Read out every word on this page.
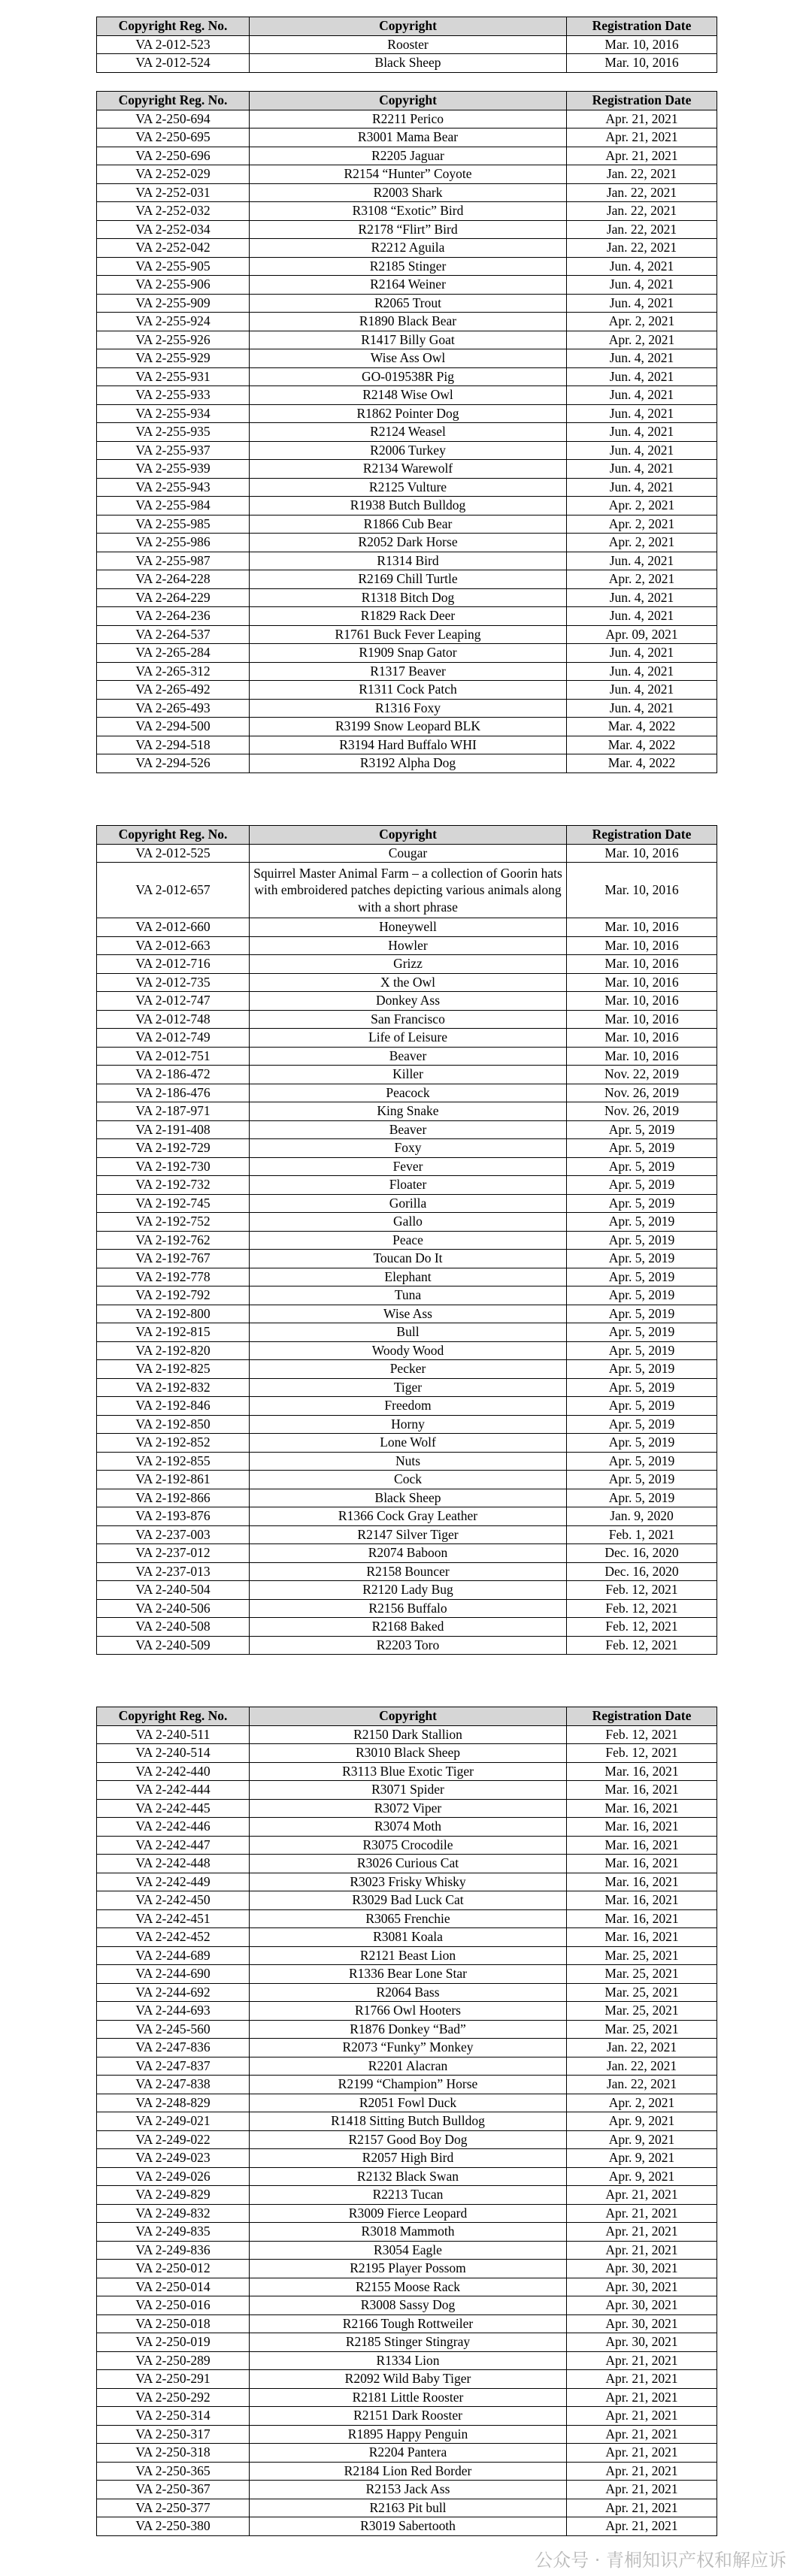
Copyright Reg. No.	Copyright	Registration Date
VA 2-012-523	Rooster	Mar. 10, 2016
VA 2-012-524	Black Sheep	Mar. 10, 2016
Copyright Reg. No.	Copyright	Registration Date
VA 2-250-694	R2211 Perico	Apr. 21, 2021
VA 2-250-695	R3001 Mama Bear	Apr. 21, 2021
VA 2-250-696	R2205 Jaguar	Apr. 21, 2021
VA 2-252-029	R2154 “Hunter” Coyote	Jan. 22, 2021
VA 2-252-031	R2003 Shark	Jan. 22, 2021
VA 2-252-032	R3108 “Exotic” Bird	Jan. 22, 2021
VA 2-252-034	R2178 “Flirt” Bird	Jan. 22, 2021
VA 2-252-042	R2212 Aguila	Jan. 22, 2021
VA 2-255-905	R2185 Stinger	Jun. 4, 2021
VA 2-255-906	R2164 Weiner	Jun. 4, 2021
VA 2-255-909	R2065 Trout	Jun. 4, 2021
VA 2-255-924	R1890 Black Bear	Apr. 2, 2021
VA 2-255-926	R1417 Billy Goat	Apr. 2, 2021
VA 2-255-929	Wise Ass Owl	Jun. 4, 2021
VA 2-255-931	GO-019538R Pig	Jun. 4, 2021
VA 2-255-933	R2148 Wise Owl	Jun. 4, 2021
VA 2-255-934	R1862 Pointer Dog	Jun. 4, 2021
VA 2-255-935	R2124 Weasel	Jun. 4, 2021
VA 2-255-937	R2006 Turkey	Jun. 4, 2021
VA 2-255-939	R2134 Warewolf	Jun. 4, 2021
VA 2-255-943	R2125 Vulture	Jun. 4, 2021
VA 2-255-984	R1938 Butch Bulldog	Apr. 2, 2021
VA 2-255-985	R1866 Cub Bear	Apr. 2, 2021
VA 2-255-986	R2052 Dark Horse	Apr. 2, 2021
VA 2-255-987	R1314 Bird	Jun. 4, 2021
VA 2-264-228	R2169 Chill Turtle	Apr. 2, 2021
VA 2-264-229	R1318 Bitch Dog	Jun. 4, 2021
VA 2-264-236	R1829 Rack Deer	Jun. 4, 2021
VA 2-264-537	R1761 Buck Fever Leaping	Apr. 09, 2021
VA 2-265-284	R1909 Snap Gator	Jun. 4, 2021
VA 2-265-312	R1317 Beaver	Jun. 4, 2021
VA 2-265-492	R1311 Cock Patch	Jun. 4, 2021
VA 2-265-493	R1316 Foxy	Jun. 4, 2021
VA 2-294-500	R3199 Snow Leopard BLK	Mar. 4, 2022
VA 2-294-518	R3194 Hard Buffalo WHI	Mar. 4, 2022
VA 2-294-526	R3192 Alpha Dog	Mar. 4, 2022
Copyright Reg. No.	Copyright	Registration Date
VA 2-012-525	Cougar	Mar. 10, 2016
VA 2-012-657	Squirrel Master Animal Farm – a collection of Goorin hats with embroidered patches depicting various animals along with a short phrase	Mar. 10, 2016
VA 2-012-660	Honeywell	Mar. 10, 2016
VA 2-012-663	Howler	Mar. 10, 2016
VA 2-012-716	Grizz	Mar. 10, 2016
VA 2-012-735	X the Owl	Mar. 10, 2016
VA 2-012-747	Donkey Ass	Mar. 10, 2016
VA 2-012-748	San Francisco	Mar. 10, 2016
VA 2-012-749	Life of Leisure	Mar. 10, 2016
VA 2-012-751	Beaver	Mar. 10, 2016
VA 2-186-472	Killer	Nov. 22, 2019
VA 2-186-476	Peacock	Nov. 26, 2019
VA 2-187-971	King Snake	Nov. 26, 2019
VA 2-191-408	Beaver	Apr. 5, 2019
VA 2-192-729	Foxy	Apr. 5, 2019
VA 2-192-730	Fever	Apr. 5, 2019
VA 2-192-732	Floater	Apr. 5, 2019
VA 2-192-745	Gorilla	Apr. 5, 2019
VA 2-192-752	Gallo	Apr. 5, 2019
VA 2-192-762	Peace	Apr. 5, 2019
VA 2-192-767	Toucan Do It	Apr. 5, 2019
VA 2-192-778	Elephant	Apr. 5, 2019
VA 2-192-792	Tuna	Apr. 5, 2019
VA 2-192-800	Wise Ass	Apr. 5, 2019
VA 2-192-815	Bull	Apr. 5, 2019
VA 2-192-820	Woody Wood	Apr. 5, 2019
VA 2-192-825	Pecker	Apr. 5, 2019
VA 2-192-832	Tiger	Apr. 5, 2019
VA 2-192-846	Freedom	Apr. 5, 2019
VA 2-192-850	Horny	Apr. 5, 2019
VA 2-192-852	Lone Wolf	Apr. 5, 2019
VA 2-192-855	Nuts	Apr. 5, 2019
VA 2-192-861	Cock	Apr. 5, 2019
VA 2-192-866	Black Sheep	Apr. 5, 2019
VA 2-193-876	R1366 Cock Gray Leather	Jan. 9, 2020
VA 2-237-003	R2147 Silver Tiger	Feb. 1, 2021
VA 2-237-012	R2074 Baboon	Dec. 16, 2020
VA 2-237-013	R2158 Bouncer	Dec. 16, 2020
VA 2-240-504	R2120 Lady Bug	Feb. 12, 2021
VA 2-240-506	R2156 Buffalo	Feb. 12, 2021
VA 2-240-508	R2168 Baked	Feb. 12, 2021
VA 2-240-509	R2203 Toro	Feb. 12, 2021
Copyright Reg. No.	Copyright	Registration Date
VA 2-240-511	R2150 Dark Stallion	Feb. 12, 2021
VA 2-240-514	R3010 Black Sheep	Feb. 12, 2021
VA 2-242-440	R3113 Blue Exotic Tiger	Mar. 16, 2021
VA 2-242-444	R3071 Spider	Mar. 16, 2021
VA 2-242-445	R3072 Viper	Mar. 16, 2021
VA 2-242-446	R3074 Moth	Mar. 16, 2021
VA 2-242-447	R3075 Crocodile	Mar. 16, 2021
VA 2-242-448	R3026 Curious Cat	Mar. 16, 2021
VA 2-242-449	R3023 Frisky Whisky	Mar. 16, 2021
VA 2-242-450	R3029 Bad Luck Cat	Mar. 16, 2021
VA 2-242-451	R3065 Frenchie	Mar. 16, 2021
VA 2-242-452	R3081 Koala	Mar. 16, 2021
VA 2-244-689	R2121 Beast Lion	Mar. 25, 2021
VA 2-244-690	R1336 Bear Lone Star	Mar. 25, 2021
VA 2-244-692	R2064 Bass	Mar. 25, 2021
VA 2-244-693	R1766 Owl Hooters	Mar. 25, 2021
VA 2-245-560	R1876 Donkey “Bad”	Mar. 25, 2021
VA 2-247-836	R2073 “Funky” Monkey	Jan. 22, 2021
VA 2-247-837	R2201 Alacran	Jan. 22, 2021
VA 2-247-838	R2199 “Champion” Horse	Jan. 22, 2021
VA 2-248-829	R2051 Fowl Duck	Apr. 2, 2021
VA 2-249-021	R1418 Sitting Butch Bulldog	Apr. 9, 2021
VA 2-249-022	R2157 Good Boy Dog	Apr. 9, 2021
VA 2-249-023	R2057 High Bird	Apr. 9, 2021
VA 2-249-026	R2132 Black Swan	Apr. 9, 2021
VA 2-249-829	R2213 Tucan	Apr. 21, 2021
VA 2-249-832	R3009 Fierce Leopard	Apr. 21, 2021
VA 2-249-835	R3018 Mammoth	Apr. 21, 2021
VA 2-249-836	R3054 Eagle	Apr. 21, 2021
VA 2-250-012	R2195 Player Possom	Apr. 30, 2021
VA 2-250-014	R2155 Moose Rack	Apr. 30, 2021
VA 2-250-016	R3008 Sassy Dog	Apr. 30, 2021
VA 2-250-018	R2166 Tough Rottweiler	Apr. 30, 2021
VA 2-250-019	R2185 Stinger Stingray	Apr. 30, 2021
VA 2-250-289	R1334 Lion	Apr. 21, 2021
VA 2-250-291	R2092 Wild Baby Tiger	Apr. 21, 2021
VA 2-250-292	R2181 Little Rooster	Apr. 21, 2021
VA 2-250-314	R2151 Dark Rooster	Apr. 21, 2021
VA 2-250-317	R1895 Happy Penguin	Apr. 21, 2021
VA 2-250-318	R2204 Pantera	Apr. 21, 2021
VA 2-250-365	R2184 Lion Red Border	Apr. 21, 2021
VA 2-250-367	R2153 Jack Ass	Apr. 21, 2021
VA 2-250-377	R2163 Pit bull	Apr. 21, 2021
VA 2-250-380	R3019 Sabertooth	Apr. 21, 2021
公众号 · 青桐知识产权和解应诉
